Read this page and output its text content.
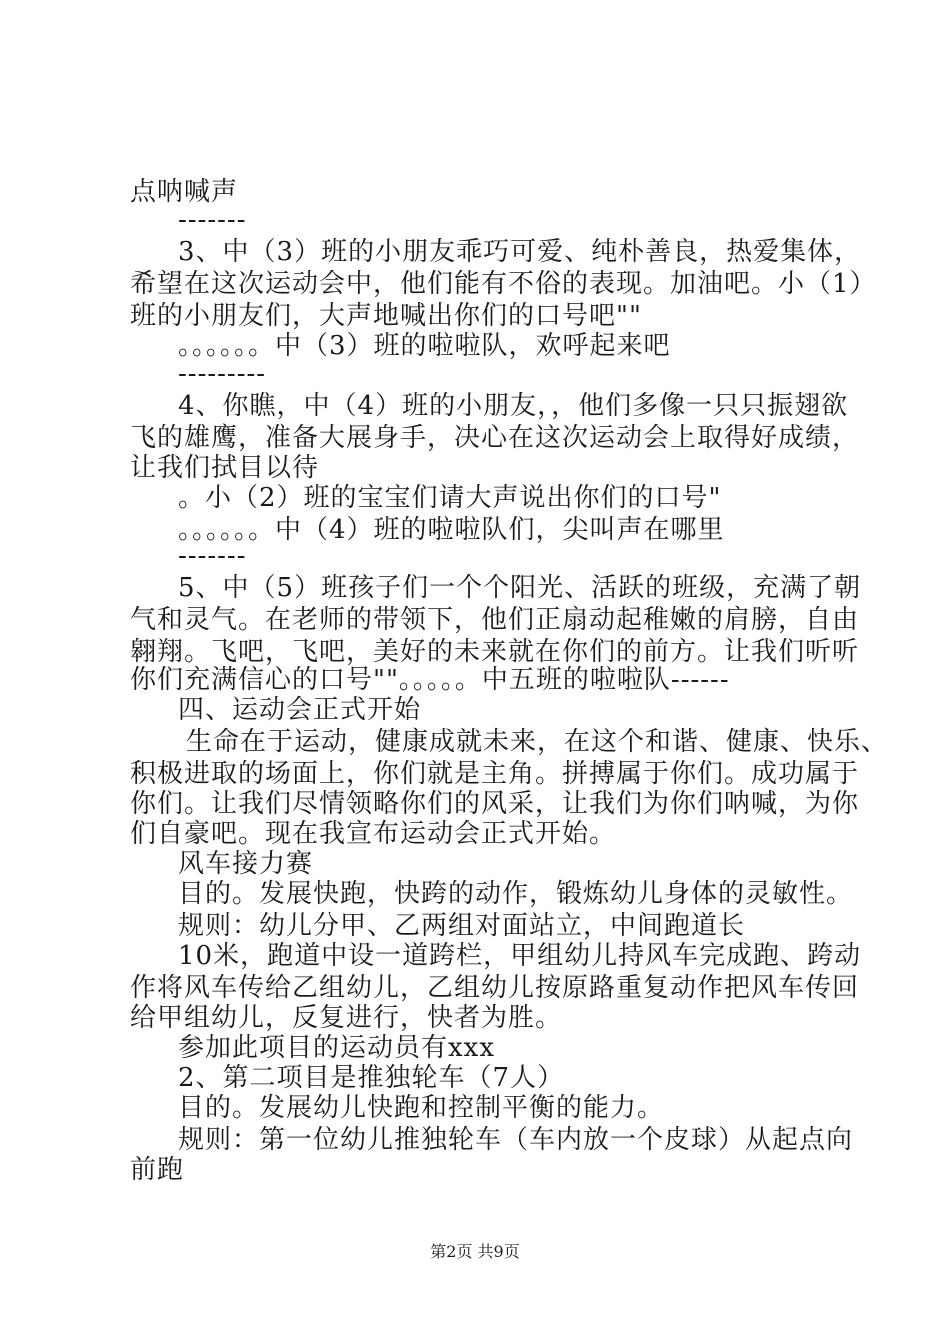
点呐喊声
-------
3、中（3）班的小朋友乖巧可爱、纯朴善良，热爱集体，
希望在这次运动会中，他们能有不俗的表现。加油吧。小（1）
班的小朋友们，大声地喊出你们的口号吧""
。。。。。。中（3）班的啦啦队，欢呼起来吧
---------
4、你瞧，中（4）班的小朋友，，他们多像一只只振翅欲
飞的雄鹰，准备大展身手，决心在这次运动会上取得好成绩，
让我们拭目以待
。小（2）班的宝宝们请大声说出你们的口号"
。。。。。。中（4）班的啦啦队们，尖叫声在哪里
-------
5、中（5）班孩子们一个个阳光、活跃的班级，充满了朝
气和灵气。在老师的带领下，他们正扇动起稚嫩的肩膀，自由
翱翔。飞吧，飞吧，美好的未来就在你们的前方。让我们听听
你们充满信心的口号""。。。。。中五班的啦啦队------
四、运动会正式开始
生命在于运动，健康成就未来，在这个和谐、健康、快乐、
积极进取的场面上，你们就是主角。拼搏属于你们。成功属于
你们。让我们尽情领略你们的风采，让我们为你们呐喊，为你
们自豪吧。现在我宣布运动会正式开始。
风车接力赛
目的。发展快跑，快跨的动作，锻炼幼儿身体的灵敏性。
规则：幼儿分甲、乙两组对面站立，中间跑道长
10米，跑道中设一道跨栏，甲组幼儿持风车完成跑、跨动
作将风车传给乙组幼儿，乙组幼儿按原路重复动作把风车传回
给甲组幼儿，反复进行，快者为胜。
参加此项目的运动员有xxx
2、第二项目是推独轮车（7人）
目的。发展幼儿快跑和控制平衡的能力。
规则：第一位幼儿推独轮车（车内放一个皮球）从起点向
前跑
第2页 共9页
